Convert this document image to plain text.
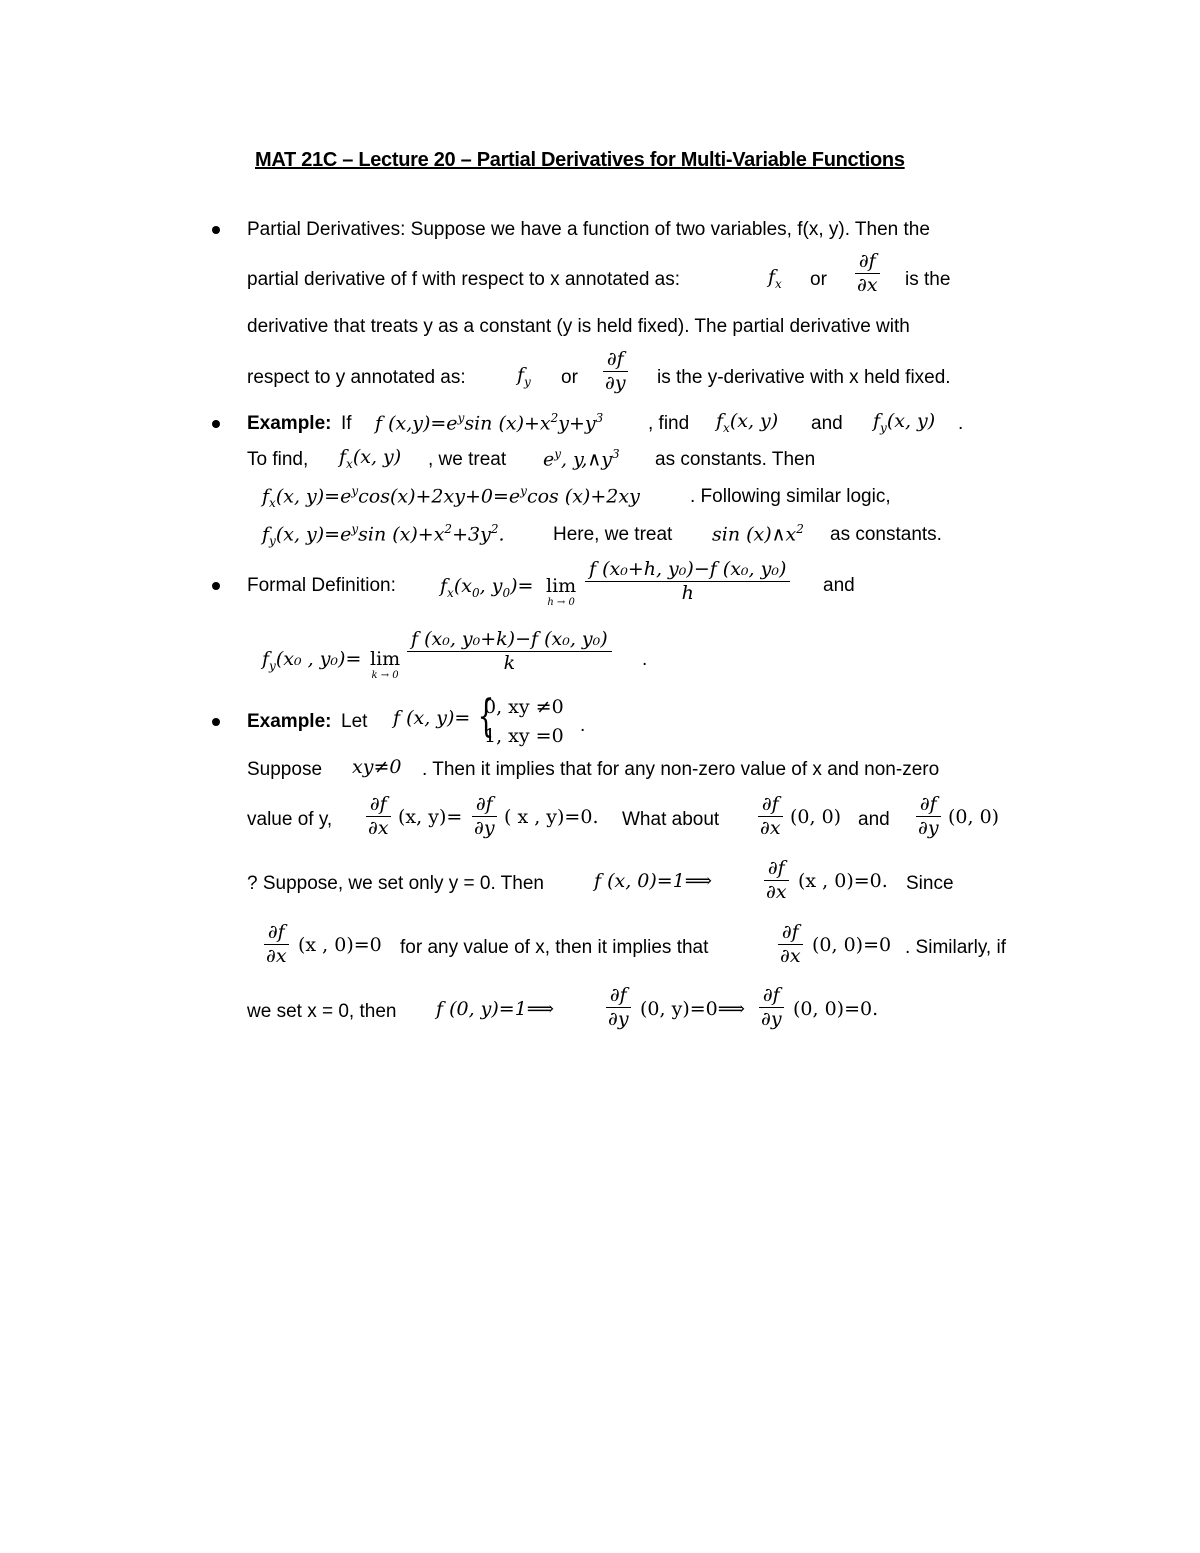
MAT 21C – Lecture 20 – Partial Derivatives for Multi-Variable Functions
Partial Derivatives: Suppose we have a function of two variables, f(x, y). Then the
partial derivative of f with respect to x annotated as:	$f_x$ or $\frac{\partial f}{\partial x}$ is the
derivative that treats y as a constant (y is held fixed). The partial derivative with
respect to y annotated as:	$f_y$ or $\frac{\partial f}{\partial y}$ is the y-derivative with x held fixed.
Example: If f $(x,y)=e^y\sin$ $(x)+x^2y+y^3$ , find $f_x(x$, y) and $f_y(x$, y) .
To find, $f_x(x$, y) , we treat $e^y$, $y,\wedge y^3$ as constants. Then
$f_x(x$, $y)=e^y\cos(x)+2xy+0=e^y\cos$ (x)+2xy	. Following similar logic,
$f_y(x$, $y)=e^y\sin$ $(x)+x^2+3y^2$.	Here, we treat $\sin (x)\wedge x^2$ as constants.
Formal Definition: $f_x(x_0$, $y_0)= \lim$
$h \to 0 \frac{\text{f (x₀+h, y₀)−f (x₀, y₀)}}{h}$ and
$f_y(x_0$ , y₀)= lim
k → 0
$\frac{\text{f (x₀, y₀+k)−f (x₀, y₀)}}{k}$ .
Example: Let f (x, y)= {
0, xy ≠0
1, xy =0 .
Suppose xy≠0 . Then it implies that for any non-zero value of x and non-zero
value of y, $\frac{\partial f}{\partial x} (x$, $y)= \frac{\partial f}{\partial y}$ ( x , y)=0. What about $\frac{\partial f}{\partial x} (0$, 0) and $\frac{\partial f}{\partial y} (0$, 0)
? Suppose, we set only y = 0. Then	f (x, 0)=1⟹	$\frac{\partial f}{\partial x} (x$ , 0)=0. Since
$\frac{\partial f}{\partial x} (x$ , 0)=0 for any value of x, then it implies that	$\frac{\partial f}{\partial x} (0$, 0)=0 . Similarly, if
we set x = 0, then f (0, y)=1⟹	$\frac{\partial f}{\partial y} (0$, y)=0⟹ $\frac{\partial f}{\partial y} (0$, 0)=0.
